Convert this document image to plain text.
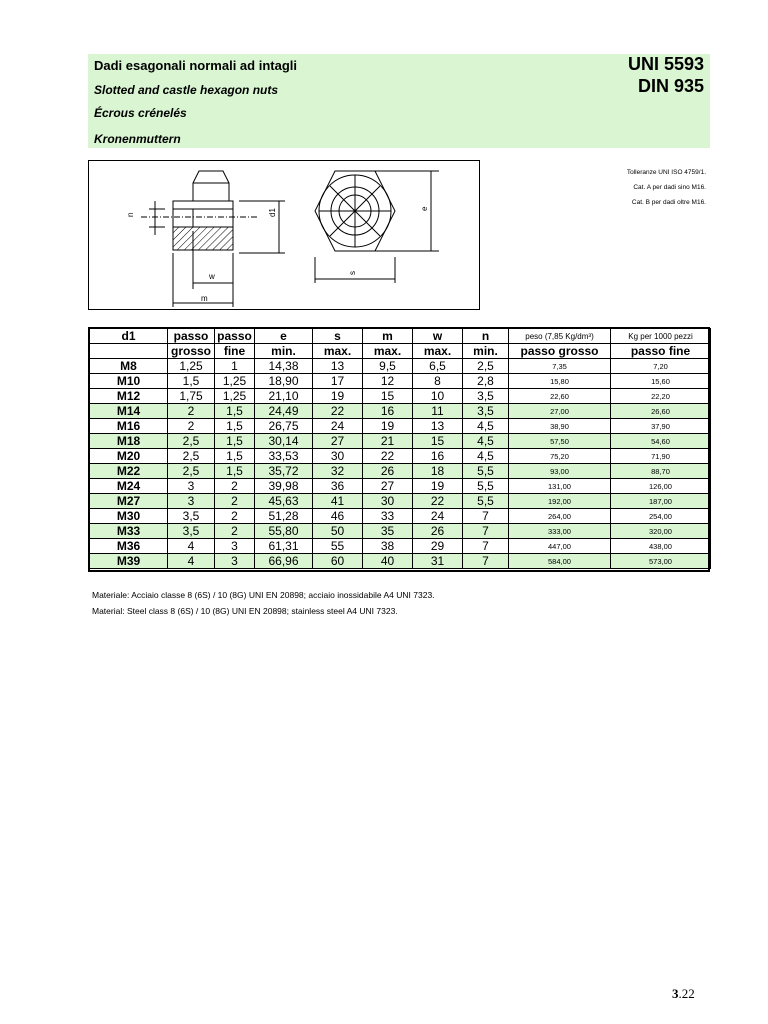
Dadi esagonali normali ad intagli
Slotted and castle hexagon nuts
Écrous crénelés
Kronenmuttern
UNI 5593
DIN 935
n	d1
w
m
s
e
Tolleranze UNI ISO 4759/1.
Cat. A per dadi sino M16.
Cat. B per dadi oltre M16.
d1	passo	passo	e	s	m	w	n	peso (7,85 Kg/dm³)	Kg per 1000 pezzi
	grosso	fine	min.	max.	max.	max.	min.	passo grosso	passo fine
M8	1,25	1	14,38	13	9,5	6,5	2,5	7,35	7,20
M10	1,5	1,25	18,90	17	12	8	2,8	15,80	15,60
M12	1,75	1,25	21,10	19	15	10	3,5	22,60	22,20
M14	2	1,5	24,49	22	16	11	3,5	27,00	26,60
M16	2	1,5	26,75	24	19	13	4,5	38,90	37,90
M18	2,5	1,5	30,14	27	21	15	4,5	57,50	54,60
M20	2,5	1,5	33,53	30	22	16	4,5	75,20	71,90
M22	2,5	1,5	35,72	32	26	18	5,5	93,00	88,70
M24	3	2	39,98	36	27	19	5,5	131,00	126,00
M27	3	2	45,63	41	30	22	5,5	192,00	187,00
M30	3,5	2	51,28	46	33	24	7	264,00	254,00
M33	3,5	2	55,80	50	35	26	7	333,00	320,00
M36	4	3	61,31	55	38	29	7	447,00	438,00
M39	4	3	66,96	60	40	31	7	584,00	573,00
Materiale: Acciaio classe 8 (6S) / 10 (8G) UNI EN 20898; acciaio inossidabile A4 UNI 7323.
Material: Steel class 8 (6S) / 10 (8G) UNI EN 20898; stainless steel A4 UNI 7323.
3.22
